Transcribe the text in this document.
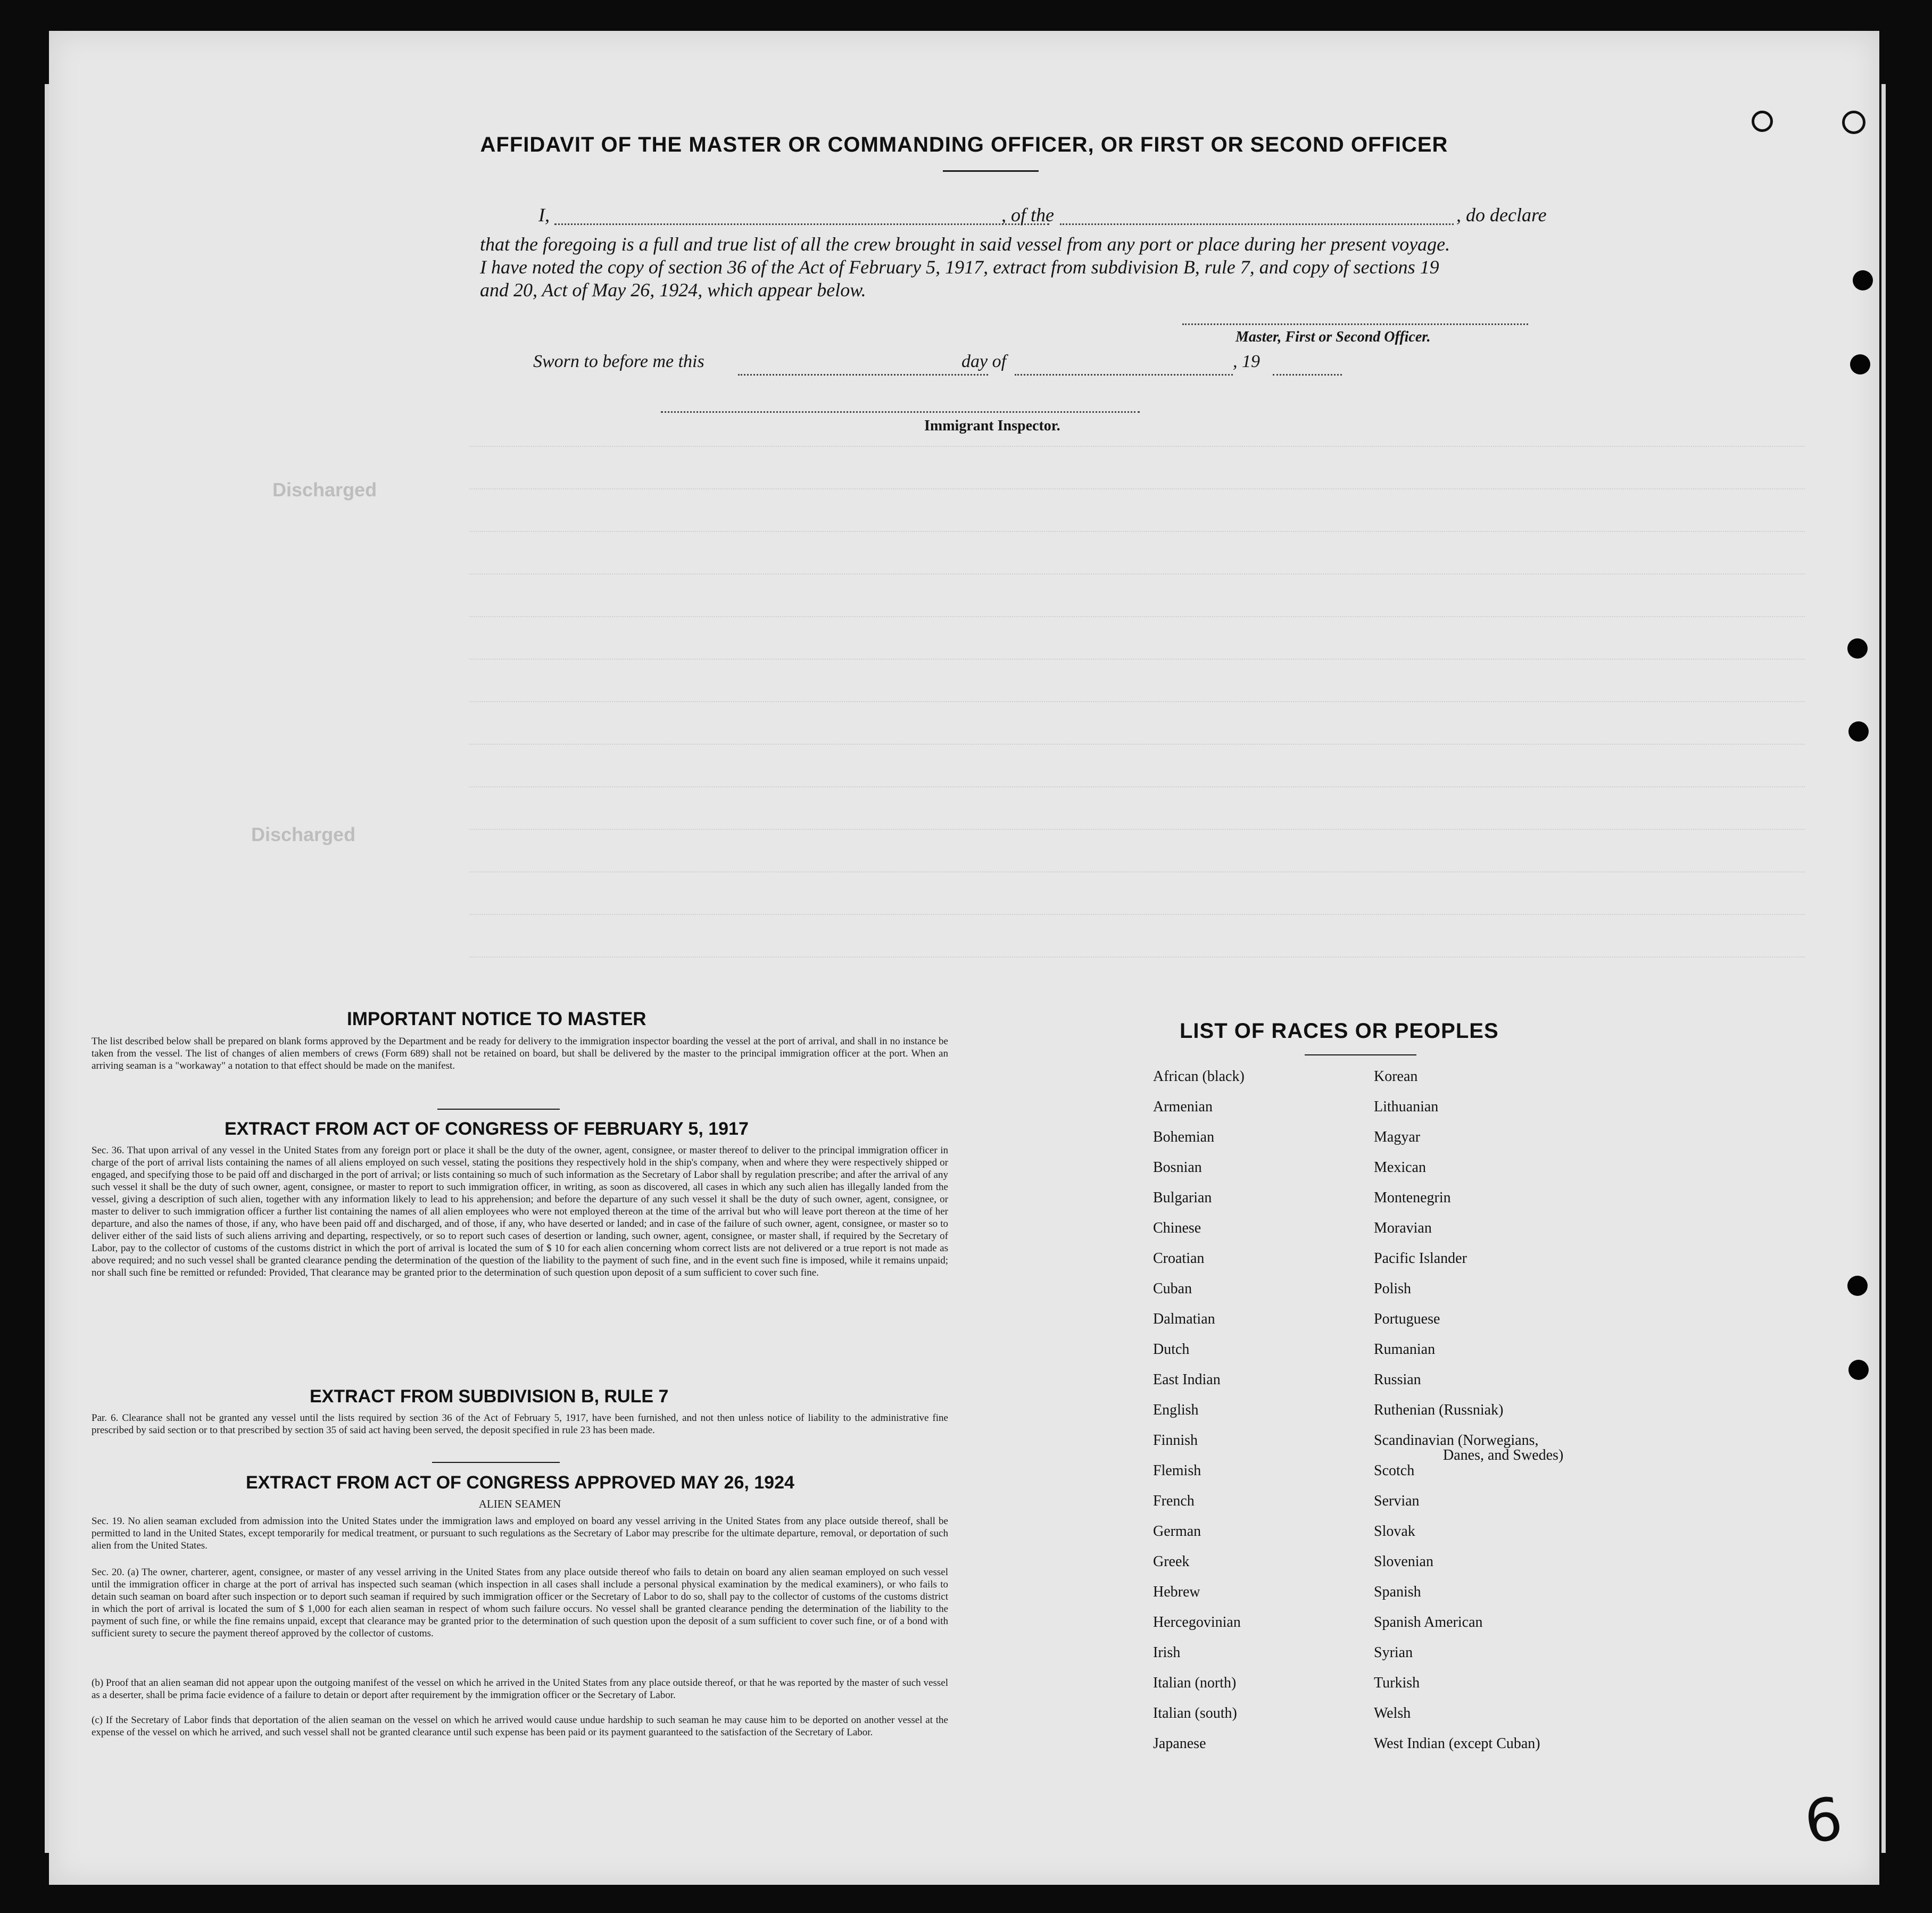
Discharged
Discharged
AFFIDAVIT OF THE MASTER OR COMMANDING OFFICER, OR FIRST OR SECOND OFFICER
I,	, of the	, do declare
that the foregoing is a full and true list of all the crew brought in said vessel from any port or place during her present voyage.
I have noted the copy of section 36 of the Act of February 5, 1917, extract from subdivision B, rule 7, and copy of sections 19
and 20, Act of May 26, 1924, which appear below.
Master, First or Second Officer.
Sworn to before me this	day of	, 19
Immigrant Inspector.
IMPORTANT NOTICE TO MASTER
The list described below shall be prepared on blank forms approved by the Department and be ready for delivery to the immigration inspector boarding the vessel at the port of arrival, and shall in no instance be taken from the vessel. The list of changes of alien members of crews (Form 689) shall not be retained on board, but shall be delivered by the master to the principal immigration officer at the port. When an arriving seaman is a "workaway" a notation to that effect should be made on the manifest.
EXTRACT FROM ACT OF CONGRESS OF FEBRUARY 5, 1917
Sec. 36. That upon arrival of any vessel in the United States from any foreign port or place it shall be the duty of the owner, agent, consignee, or master thereof to deliver to the principal immigration officer in charge of the port of arrival lists containing the names of all aliens employed on such vessel, stating the positions they respectively hold in the ship's company, when and where they were respectively shipped or engaged, and specifying those to be paid off and discharged in the port of arrival; or lists containing so much of such information as the Secretary of Labor shall by regulation prescribe; and after the arrival of any such vessel it shall be the duty of such owner, agent, consignee, or master to report to such immigration officer, in writing, as soon as discovered, all cases in which any such alien has illegally landed from the vessel, giving a description of such alien, together with any information likely to lead to his apprehension; and before the departure of any such vessel it shall be the duty of such owner, agent, consignee, or master to deliver to such immigration officer a further list containing the names of all alien employees who were not employed thereon at the time of the arrival but who will leave port thereon at the time of her departure, and also the names of those, if any, who have been paid off and discharged, and of those, if any, who have deserted or landed; and in case of the failure of such owner, agent, consignee, or master so to deliver either of the said lists of such aliens arriving and departing, respectively, or so to report such cases of desertion or landing, such owner, agent, consignee, or master shall, if required by the Secretary of Labor, pay to the collector of customs of the customs district in which the port of arrival is located the sum of $ 10 for each alien concerning whom correct lists are not delivered or a true report is not made as above required; and no such vessel shall be granted clearance pending the determination of the question of the liability to the payment of such fine, and in the event such fine is imposed, while it remains unpaid; nor shall such fine be remitted or refunded: Provided, That clearance may be granted prior to the determination of such question upon deposit of a sum sufficient to cover such fine.
EXTRACT FROM SUBDIVISION B, RULE 7
Par. 6. Clearance shall not be granted any vessel until the lists required by section 36 of the Act of February 5, 1917, have been furnished, and not then unless notice of liability to the administrative fine prescribed by said section or to that prescribed by section 35 of said act having been served, the deposit specified in rule 23 has been made.
EXTRACT FROM ACT OF CONGRESS APPROVED MAY 26, 1924
ALIEN SEAMEN
Sec. 19. No alien seaman excluded from admission into the United States under the immigration laws and employed on board any vessel arriving in the United States from any place outside thereof, shall be permitted to land in the United States, except temporarily for medical treatment, or pursuant to such regulations as the Secretary of Labor may prescribe for the ultimate departure, removal, or deportation of such alien from the United States.
Sec. 20. (a) The owner, charterer, agent, consignee, or master of any vessel arriving in the United States from any place outside thereof who fails to detain on board any alien seaman employed on such vessel until the immigration officer in charge at the port of arrival has inspected such seaman (which inspection in all cases shall include a personal physical examination by the medical examiners), or who fails to detain such seaman on board after such inspection or to deport such seaman if required by such immigration officer or the Secretary of Labor to do so, shall pay to the collector of customs of the customs district in which the port of arrival is located the sum of $ 1,000 for each alien seaman in respect of whom such failure occurs. No vessel shall be granted clearance pending the determination of the liability to the payment of such fine, or while the fine remains unpaid, except that clearance may be granted prior to the determination of such question upon the deposit of a sum sufficient to cover such fine, or of a bond with sufficient surety to secure the payment thereof approved by the collector of customs.
(b) Proof that an alien seaman did not appear upon the outgoing manifest of the vessel on which he arrived in the United States from any place outside thereof, or that he was reported by the master of such vessel as a deserter, shall be prima facie evidence of a failure to detain or deport after requirement by the immigration officer or the Secretary of Labor.
(c) If the Secretary of Labor finds that deportation of the alien seaman on the vessel on which he arrived would cause undue hardship to such seaman he may cause him to be deported on another vessel at the expense of the vessel on which he arrived, and such vessel shall not be granted clearance until such expense has been paid or its payment guaranteed to the satisfaction of the Secretary of Labor.
LIST OF RACES OR PEOPLES
African (black)
Armenian
Bohemian
Bosnian
Bulgarian
Chinese
Croatian
Cuban
Dalmatian
Dutch
East Indian
English
Finnish
Flemish
French
German
Greek
Hebrew
Hercegovinian
Irish
Italian (north)
Italian (south)
Japanese
Korean
Lithuanian
Magyar
Mexican
Montenegrin
Moravian
Pacific Islander
Polish
Portuguese
Rumanian
Russian
Ruthenian (Russniak)
Scandinavian (Norwegians,
Danes, and Swedes)
Scotch
Servian
Slovak
Slovenian
Spanish
Spanish American
Syrian
Turkish
Welsh
West Indian (except Cuban)
6
